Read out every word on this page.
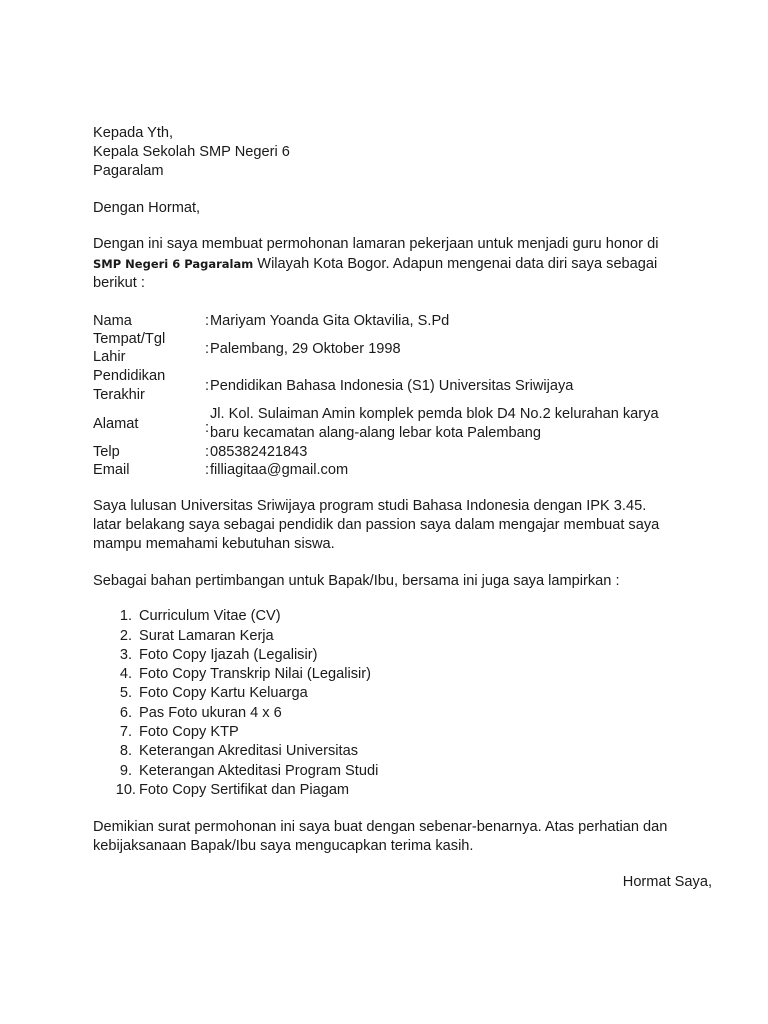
Kepada Yth,
Kepala Sekolah SMP Negeri 6
Pagaralam
Dengan Hormat,
Dengan ini saya membuat permohonan lamaran pekerjaan untuk menjadi guru honor di
SMP Negeri 6 Pagaralam Wilayah Kota Bogor. Adapun mengenai data diri saya sebagai
berikut :
Nama	: Mariyam Yoanda Gita Oktavilia, S.Pd
Tempat/Tgl
Lahir	: Palembang, 29 Oktober 1998
Pendidikan
Terakhir
: Pendidikan Bahasa Indonesia (S1) Universitas Sriwijaya
Alamat	:
Jl. Kol. Sulaiman Amin komplek pemda blok D4 No.2 kelurahan karya
baru kecamatan alang-alang lebar kota Palembang
Telp	: 085382421843
Email	: filliagitaa@gmail.com
Saya lulusan Universitas Sriwijaya program studi Bahasa Indonesia dengan IPK 3.45.
latar belakang saya sebagai pendidik dan passion saya dalam mengajar membuat saya
mampu memahami kebutuhan siswa.
Sebagai bahan pertimbangan untuk Bapak/Ibu, bersama ini juga saya lampirkan :
1. Curriculum Vitae (CV)
2. Surat Lamaran Kerja
3. Foto Copy Ijazah (Legalisir)
4. Foto Copy Transkrip Nilai (Legalisir)
5. Foto Copy Kartu Keluarga
6. Pas Foto ukuran 4 x 6
7. Foto Copy KTP
8. Keterangan Akreditasi Universitas
9. Keterangan Akteditasi Program Studi
10. Foto Copy Sertifikat dan Piagam
Demikian surat permohonan ini saya buat dengan sebenar-benarnya. Atas perhatian dan
kebijaksanaan Bapak/Ibu saya mengucapkan terima kasih.
Hormat Saya,
